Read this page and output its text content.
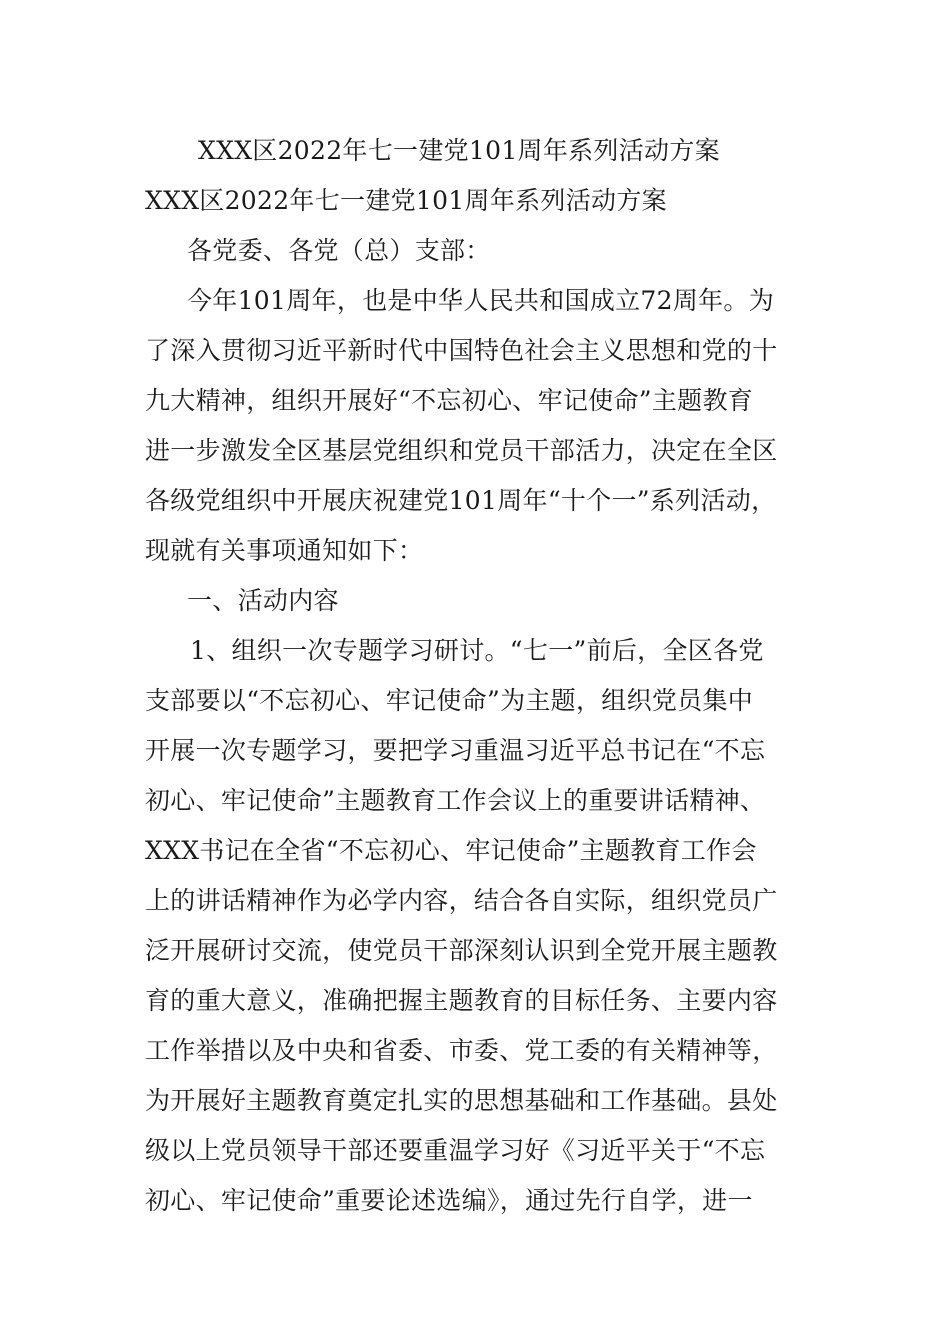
XXX区2022年七一建党101周年系列活动方案
XXX区2022年七一建党101周年系列活动方案
各党委、各党（总）支部：
今年101周年，也是中华人民共和国成立72周年。为
了深入贯彻习近平新时代中国特色社会主义思想和党的十
九大精神，组织开展好“不忘初心、牢记使命”主题教育
进一步激发全区基层党组织和党员干部活力，决定在全区
各级党组织中开展庆祝建党101周年“十个一”系列活动，
现就有关事项通知如下：
一、活动内容
1、组织一次专题学习研讨。“七一”前后，全区各党
支部要以“不忘初心、牢记使命”为主题，组织党员集中
开展一次专题学习，要把学习重温习近平总书记在“不忘
初心、牢记使命”主题教育工作会议上的重要讲话精神、
XXX书记在全省“不忘初心、牢记使命”主题教育工作会
上的讲话精神作为必学内容，结合各自实际，组织党员广
泛开展研讨交流，使党员干部深刻认识到全党开展主题教
育的重大意义，准确把握主题教育的目标任务、主要内容
工作举措以及中央和省委、市委、党工委的有关精神等，
为开展好主题教育奠定扎实的思想基础和工作基础。县处
级以上党员领导干部还要重温学习好《习近平关于“不忘
初心、牢记使命”重要论述选编》，通过先行自学，进一
